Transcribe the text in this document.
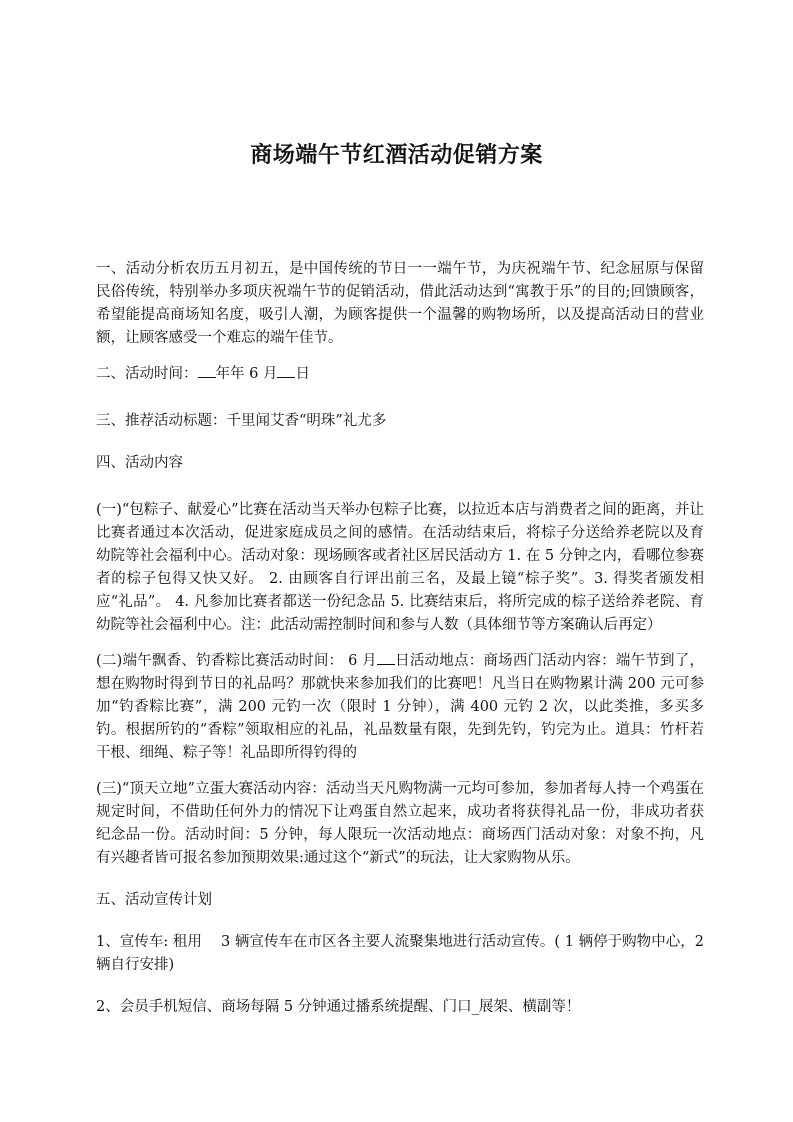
商场端午节红酒活动促销方案

一、活动分析农历五月初五，是中国传统的节日一一端午节，为庆祝端午节、纪念屈原与保留民俗传统，特别举办多项庆祝端午节的促销活动，借此活动达到“寓教于乐”的目的;回馈顾客，希望能提高商场知名度，吸引人潮，为顾客提供一个温馨的购物场所，以及提高活动日的营业额，让顾客感受一个难忘的端午佳节。

二、活动时间： 年年 6 月 日

三、推荐活动标题：千里闻艾香“明珠”礼尤多

四、活动内容

(一)“包粽子、献爱心”比赛在活动当天举办包粽子比赛，以拉近本店与消费者之间的距离，并让比赛者通过本次活动，促进家庭成员之间的感情。在活动结束后，将棕子分送给养老院以及育幼院等社会福利中心。活动对象：现场顾客或者社区居民活动方 1. 在 5 分钟之内，看哪位参赛者的棕子包得又快又好。 2. 由顾客自行评出前三名，及最上镜“棕子奖”。3. 得奖者颁发相应“礼品”。 4. 凡参加比赛者都送一份纪念品 5. 比赛结束后，将所完成的棕子送给养老院、育幼院等社会福利中心。注：此活动需控制时间和参与人数（具体细节等方案确认后再定）

(二)端午飘香、钓香粽比赛活动时间： 6 月 日活动地点：商场西门活动内容：端午节到了，想在购物时得到节日的礼品吗？那就快来参加我们的比赛吧！凡当日在购物累计满 200 元可参加“钓香粽比赛”，满 200 元钓一次（限时 1 分钟），满 400 元钓 2 次，以此类推，多买多钓。根据所钓的“香粽”领取相应的礼品，礼品数量有限，先到先钓，钓完为止。道具：竹杆若干根、细绳、粽子等！礼品即所得钓得的

(三)“顶天立地”立蛋大赛活动内容：活动当天凡购物满一元均可参加，参加者每人持一个鸡蛋在规定时间，不借助任何外力的情况下让鸡蛋自然立起来，成功者将获得礼品一份，非成功者获纪念品一份。活动时间：5 分钟，每人限玩一次活动地点：商场西门活动对象：对象不拘，凡有兴趣者皆可报名参加预期效果:通过这个“新式”的玩法，让大家购物从乐。

五、活动宣传计划

1、宣传车: 租用　 3 辆宣传车在市区各主要人流聚集地进行活动宣传。( 1 辆停于购物中心，2 辆自行安排)

2、会员手机短信、商场每隔 5 分钟通过播系统提醒、门口_展架、横副等！
